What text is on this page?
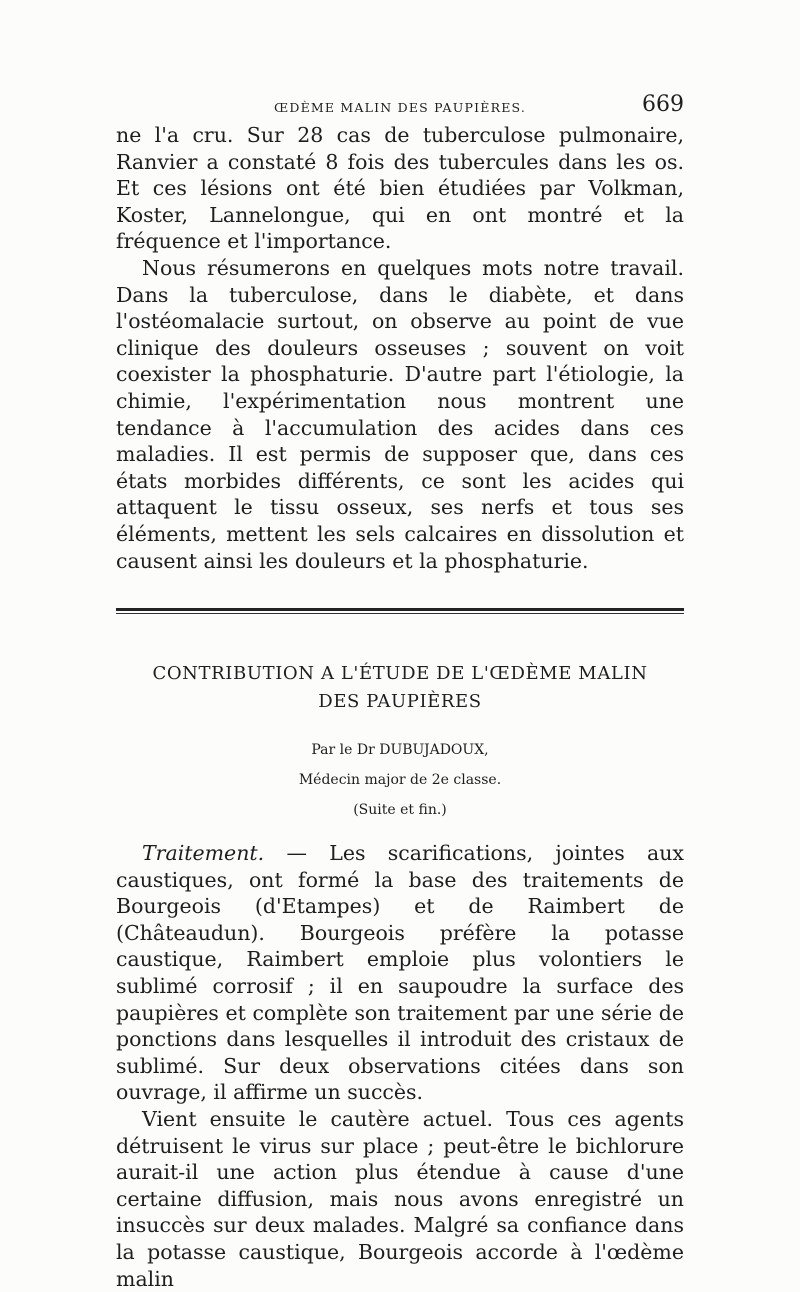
ŒDÈME MALIN DES PAUPIÈRES.	669

ne l'a cru. Sur 28 cas de tuberculose pulmonaire, Ranvier a constaté 8 fois des tubercules dans les os. Et ces lésions ont été bien étudiées par Volkman, Koster, Lannelongue, qui en ont montré et la fréquence et l'importance.

Nous résumerons en quelques mots notre travail. Dans la tuberculose, dans le diabète, et dans l'ostéomalacie surtout, on observe au point de vue clinique des douleurs osseuses ; souvent on voit coexister la phosphaturie. D'autre part l'étiologie, la chimie, l'expérimentation nous montrent une tendance à l'accumulation des acides dans ces maladies. Il est permis de supposer que, dans ces états morbides différents, ce sont les acides qui attaquent le tissu osseux, ses nerfs et tous ses éléments, mettent les sels calcaires en dissolution et causent ainsi les douleurs et la phosphaturie.

CONTRIBUTION A L'ÉTUDE DE L'ŒDÈME MALIN

DES PAUPIÈRES

Par le Dr DUBUJADOUX,

Médecin major de 2e classe.

(Suite et fin.)

Traitement. — Les scarifications, jointes aux caustiques, ont formé la base des traitements de Bourgeois (d'Etampes) et de Raimbert de (Châteaudun). Bourgeois préfère la potasse caustique, Raimbert emploie plus volontiers le sublimé corrosif ; il en saupoudre la surface des paupières et complète son traitement par une série de ponctions dans lesquelles il introduit des cristaux de sublimé. Sur deux observations citées dans son ouvrage, il affirme un succès.

Vient ensuite le cautère actuel. Tous ces agents détruisent le virus sur place ; peut-être le bichlorure aurait-il une action plus étendue à cause d'une certaine diffusion, mais nous avons enregistré un insuccès sur deux malades. Malgré sa confiance dans la potasse caustique, Bourgeois accorde à l'œdème malin
